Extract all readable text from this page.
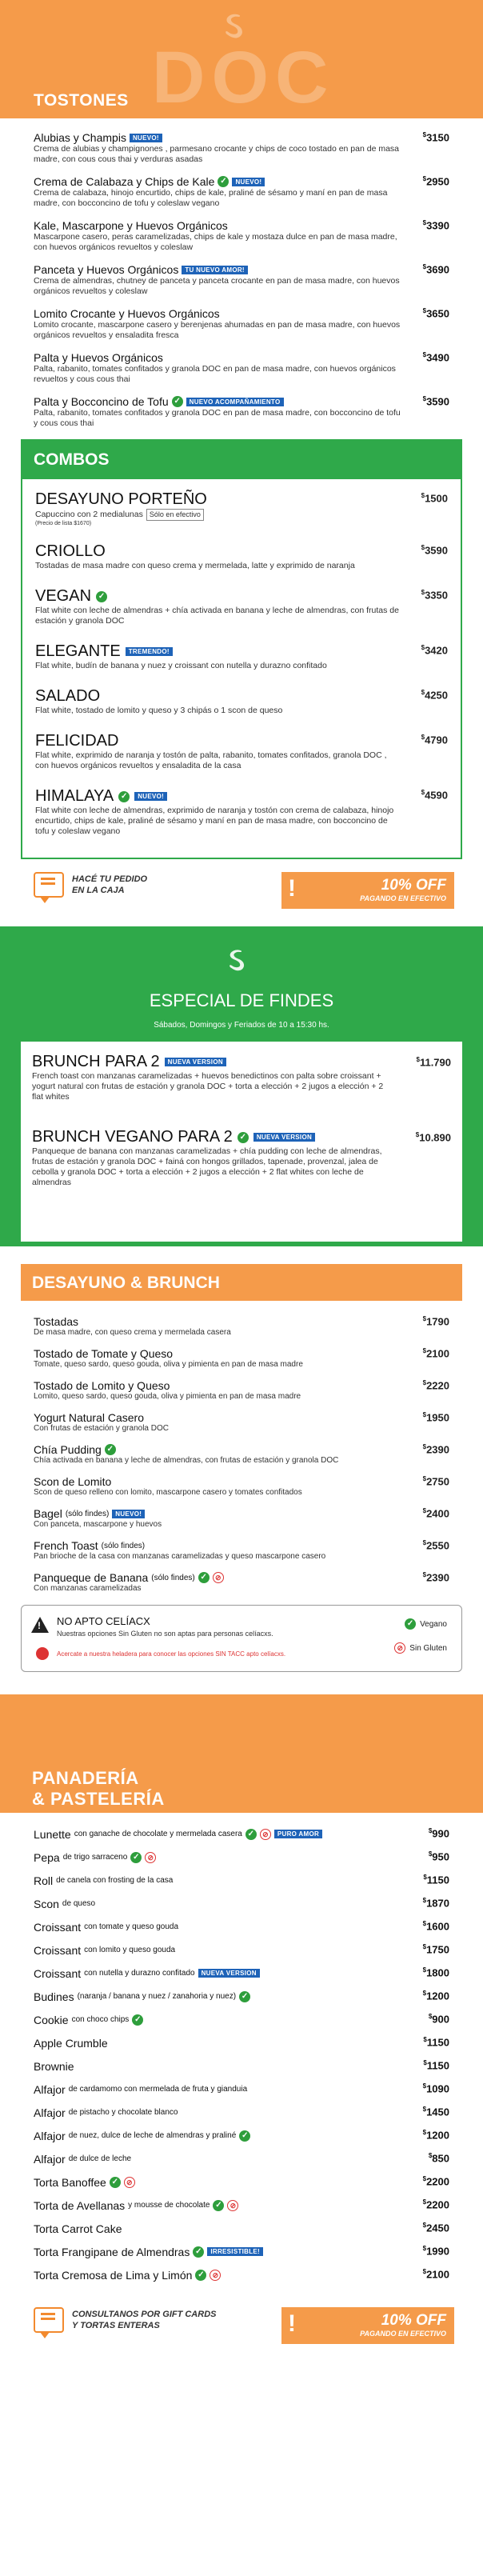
ઽ
DOC
TOSTONES
Alubias y Champis	NUEVO!
Crema de alubias y champignones , parmesano crocante y chips de coco tostado en pan de masa madre, con cous cous thai y verduras asadas
$3150
Crema de Calabaza y Chips de Kale ✓	NUEVO!
Crema de calabaza, hinojo encurtido, chips de kale, praliné de sésamo y maní en pan de masa madre, con bocconcino de tofu y coleslaw vegano
$2950
Kale, Mascarpone y Huevos Orgánicos
Mascarpone casero, peras caramelizadas, chips de kale y mostaza dulce en pan de masa madre, con huevos orgánicos revueltos y coleslaw
$3390
Panceta y Huevos Orgánicos	TU NUEVO AMOR!
Crema de almendras, chutney de panceta y panceta crocante en pan de masa madre, con huevos orgánicos revueltos y coleslaw
$3690
Lomito Crocante y Huevos Orgánicos
Lomito crocante, mascarpone casero y berenjenas ahumadas en pan de masa madre, con huevos orgánicos revueltos y ensaladita fresca
$3650
Palta y Huevos Orgánicos
Palta, rabanito, tomates confitados y granola DOC en pan de masa madre, con huevos orgánicos revueltos y cous cous thai
$3490
Palta y Bocconcino de Tofu ✓	NUEVO ACOMPAÑAMIENTO
Palta, rabanito, tomates confitados y granola DOC en pan de masa madre, con bocconcino de tofu y cous cous thai
$3590
COMBOS
DESAYUNO PORTEÑO
Capuccino con 2 medialunas Sólo en efectivo
(Precio de lista $1670)
$1500
CRIOLLO
Tostadas de masa madre con queso crema y mermelada, latte y exprimido de naranja
$3590
VEGAN ✓
Flat white con leche de almendras + chía activada en banana y leche de almendras, con frutas de estación y granola DOC
$3350
ELEGANTE	TREMENDO!
Flat white, budín de banana y nuez y croissant con nutella y durazno confitado
$3420
SALADO
Flat white, tostado de lomito y queso y 3 chipás o 1 scon de queso
$4250
FELICIDAD
Flat white, exprimido de naranja y tostón de palta, rabanito, tomates confitados, granola DOC , con huevos orgánicos revueltos y ensaladita de la casa
$4790
HIMALAYA ✓	NUEVO!
Flat white con leche de almendras, exprimido de naranja y tostón con crema de calabaza, hinojo encurtido, chips de kale, praliné de sésamo y maní en pan de masa madre, con bocconcino de tofu y coleslaw vegano
$4590
HACÉ TU PEDIDO EN LA CAJA	!	10% OFF
PAGANDO EN EFECTIVO
ઽ
ESPECIAL DE FINDES
Sábados, Domingos y Feriados de 10 a 15:30 hs.
BRUNCH PARA 2	NUEVA VERSION
French toast con manzanas caramelizadas + huevos benedictinos con palta sobre croissant + yogurt natural con frutas de estación y granola DOC + torta a elección + 2 jugos a elección + 2 flat whites
$11.790
BRUNCH VEGANO PARA 2 ✓	NUEVA VERSION
Panqueque de banana con manzanas caramelizadas + chía pudding con leche de almendras, frutas de estación y granola DOC + fainá con hongos grillados, tapenade, provenzal, jalea de cebolla y granola DOC + torta a elección + 2 jugos a elección + 2 flat whites con leche de almendras
$10.890
DESAYUNO & BRUNCH
Tostadas
De masa madre, con queso crema y mermelada casera
$1790
Tostado de Tomate y Queso
Tomate, queso sardo, queso gouda, oliva y pimienta en pan de masa madre
$2100
Tostado de Lomito y Queso
Lomito, queso sardo, queso gouda, oliva y pimienta en pan de masa madre
$2220
Yogurt Natural Casero
Con frutas de estación y granola DOC
$1950
Chía Pudding ✓
Chía activada en banana y leche de almendras, con frutas de estación y granola DOC
$2390
Scon de Lomito
Scon de queso relleno con lomito, mascarpone casero y tomates confitados
$2750
Bagel (sólo findes)	NUEVO!
Con panceta, mascarpone y huevos
$2400
French Toast (sólo findes)
Pan brioche de la casa con manzanas caramelizadas y queso mascarpone casero
$2550
Panqueque de Banana (sólo findes) ✓	⊘
Con manzanas caramelizadas
$2390
! NO APTO CELÍACX
Nuestras opciones Sin Gluten no son aptas para personas celíacxs.
Acercate a nuestra heladera para conocer las opciones SIN TACC apto celíacxs.
✓ Vegano
⊘ Sin Gluten
PANADERÍA
& PASTELERÍA
Lunette con ganache de chocolate y mermelada casera ✓	⊘	PURO AMOR	$990
Pepa de trigo sarraceno ✓	⊘	$950
Roll de canela con frosting de la casa	$1150
Scon de queso	$1870
Croissant con tomate y queso gouda	$1600
Croissant con lomito y queso gouda	$1750
Croissant con nutella y durazno confitado	NUEVA VERSION	$1800
Budines (naranja / banana y nuez / zanahoria y nuez) ✓	$1200
Cookie con choco chips ✓	$900
Apple Crumble	$1150
Brownie	$1150
Alfajor de cardamomo con mermelada de fruta y gianduia	$1090
Alfajor de pistacho y chocolate blanco	$1450
Alfajor de nuez, dulce de leche de almendras y praliné ✓	$1200
Alfajor de dulce de leche	$850
Torta Banoffee ✓	⊘	$2200
Torta de Avellanas y mousse de chocolate ✓	⊘	$2200
Torta Carrot Cake	$2450
Torta Frangipane de Almendras ✓	IRRESISTIBLE!	$1990
Torta Cremosa de Lima y Limón ✓	⊘	$2100
CONSULTANOS POR GIFT CARDS Y TORTAS ENTERAS	!	10% OFF
PAGANDO EN EFECTIVO
